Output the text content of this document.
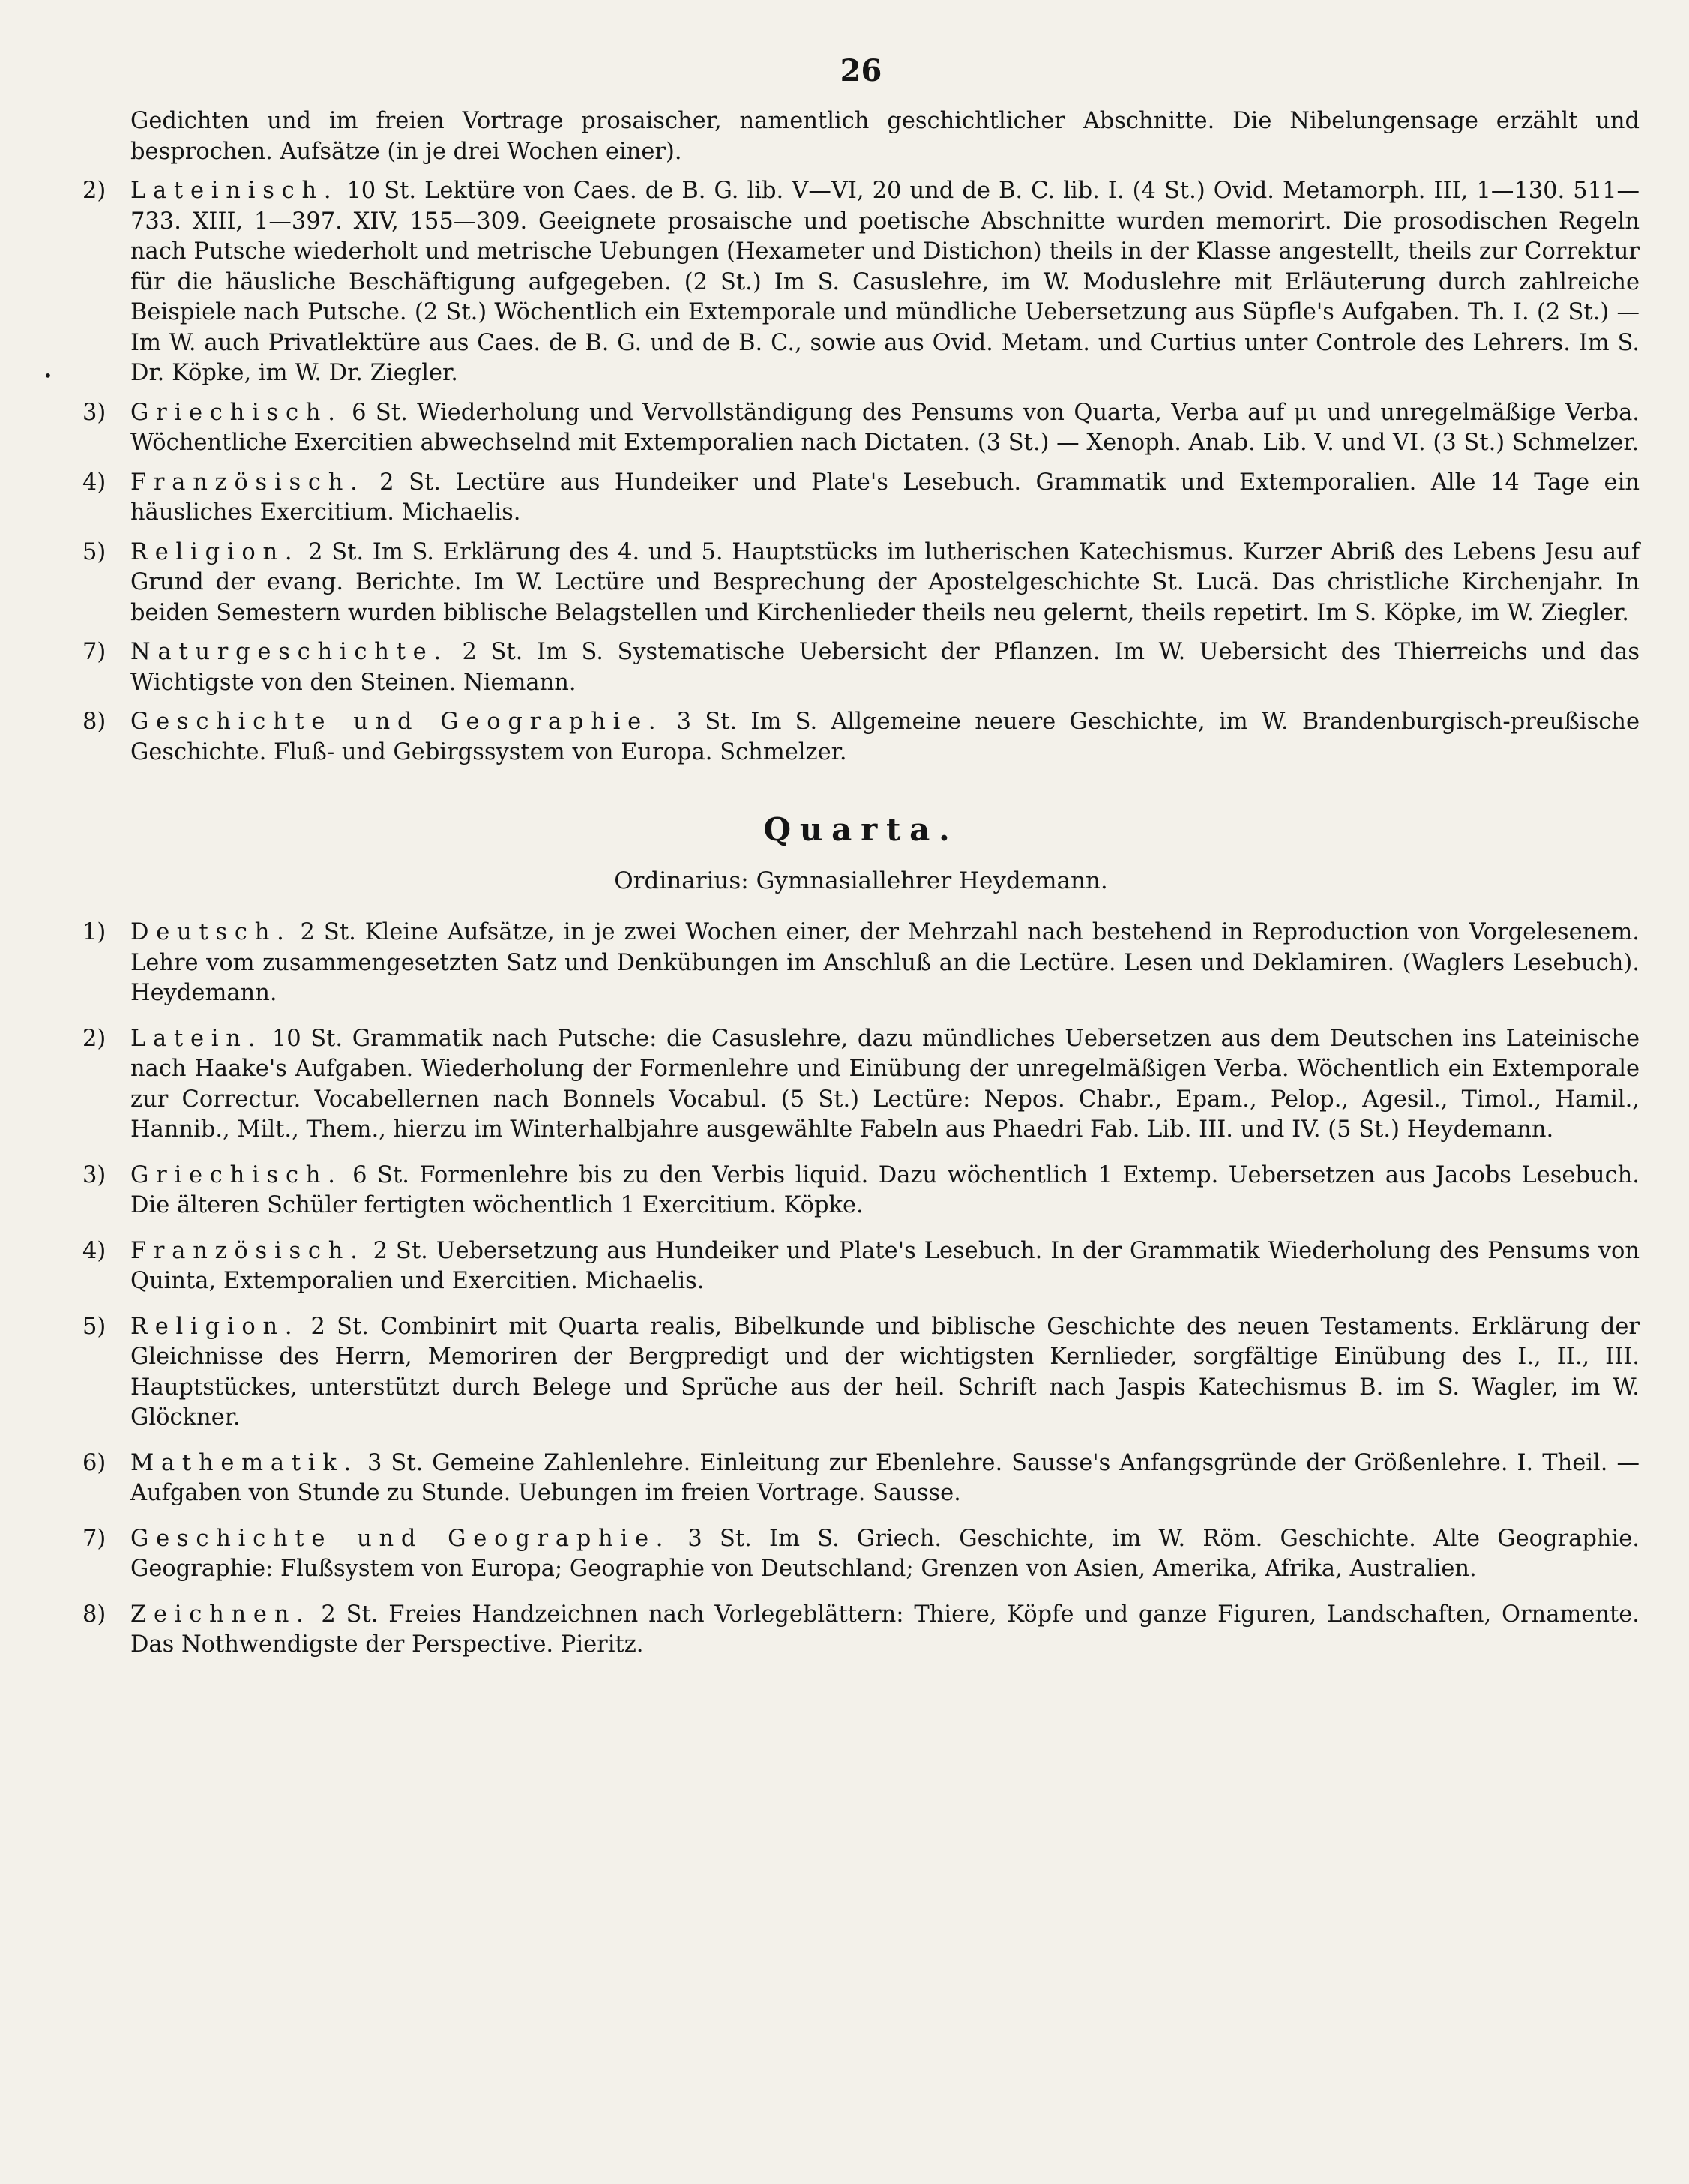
26
Gedichten und im freien Vortrage prosaischer, namentlich geschichtlicher Abschnitte. Die Nibelungensage erzählt und besprochen. Aufsätze (in je drei Wochen einer).
•
2)	Lateinisch. 10 St. Lektüre von Caes. de B. G. lib. V—VI, 20 und de B. C. lib. I. (4 St.) Ovid. Metamorph. III, 1—130. 511—733. XIII, 1—397. XIV, 155—309. Geeignete prosaische und poetische Abschnitte wurden memorirt. Die prosodischen Regeln nach Putsche wiederholt und metrische Uebungen (Hexameter und Distichon) theils in der Klasse angestellt, theils zur Correktur für die häusliche Beschäftigung aufgegeben. (2 St.) Im S. Casuslehre, im W. Moduslehre mit Erläuterung durch zahlreiche Beispiele nach Putsche. (2 St.) Wöchentlich ein Extemporale und mündliche Uebersetzung aus Süpfle's Aufgaben. Th. I. (2 St.) — Im W. auch Privatlektüre aus Caes. de B. G. und de B. C., sowie aus Ovid. Metam. und Curtius unter Controle des Lehrers. Im S. Dr. Köpke, im W. Dr. Ziegler.
3)	Griechisch. 6 St. Wiederholung und Vervollständigung des Pensums von Quarta, Verba auf μι und unregelmäßige Verba. Wöchentliche Exercitien abwechselnd mit Extemporalien nach Dictaten. (3 St.) — Xenoph. Anab. Lib. V. und VI. (3 St.) Schmelzer.
4)	Französisch. 2 St. Lectüre aus Hundeiker und Plate's Lesebuch. Grammatik und Extemporalien. Alle 14 Tage ein häusliches Exercitium. Michaelis.
5)	Religion. 2 St. Im S. Erklärung des 4. und 5. Hauptstücks im lutherischen Katechismus. Kurzer Abriß des Lebens Jesu auf Grund der evang. Berichte. Im W. Lectüre und Besprechung der Apostelgeschichte St. Lucä. Das christliche Kirchenjahr. In beiden Semestern wurden biblische Belagstellen und Kirchenlieder theils neu gelernt, theils repetirt. Im S. Köpke, im W. Ziegler.
7)	Naturgeschichte. 2 St. Im S. Systematische Uebersicht der Pflanzen. Im W. Uebersicht des Thierreichs und das Wichtigste von den Steinen. Niemann.
8)	Geschichte und Geographie. 3 St. Im S. Allgemeine neuere Geschichte, im W. Brandenburgisch-preußische Geschichte. Fluß- und Gebirgssystem von Europa. Schmelzer.
Quarta.
Ordinarius: Gymnasiallehrer Heydemann.
1)	Deutsch. 2 St. Kleine Aufsätze, in je zwei Wochen einer, der Mehrzahl nach bestehend in Reproduction von Vorgelesenem. Lehre vom zusammengesetzten Satz und Denkübungen im Anschluß an die Lectüre. Lesen und Deklamiren. (Waglers Lesebuch). Heydemann.
2)	Latein. 10 St. Grammatik nach Putsche: die Casuslehre, dazu mündliches Uebersetzen aus dem Deutschen ins Lateinische nach Haake's Aufgaben. Wiederholung der Formenlehre und Einübung der unregelmäßigen Verba. Wöchentlich ein Extemporale zur Correctur. Vocabellernen nach Bonnels Vocabul. (5 St.) Lectüre: Nepos. Chabr., Epam., Pelop., Agesil., Timol., Hamil., Hannib., Milt., Them., hierzu im Winterhalbjahre ausgewählte Fabeln aus Phaedri Fab. Lib. III. und IV. (5 St.) Heydemann.
3)	Griechisch. 6 St. Formenlehre bis zu den Verbis liquid. Dazu wöchentlich 1 Extemp. Uebersetzen aus Jacobs Lesebuch. Die älteren Schüler fertigten wöchentlich 1 Exercitium. Köpke.
4)	Französisch. 2 St. Uebersetzung aus Hundeiker und Plate's Lesebuch. In der Grammatik Wiederholung des Pensums von Quinta, Extemporalien und Exercitien. Michaelis.
5)	Religion. 2 St. Combinirt mit Quarta realis, Bibelkunde und biblische Geschichte des neuen Testaments. Erklärung der Gleichnisse des Herrn, Memoriren der Bergpredigt und der wichtigsten Kernlieder, sorgfältige Einübung des I., II., III. Hauptstückes, unterstützt durch Belege und Sprüche aus der heil. Schrift nach Jaspis Katechismus B. im S. Wagler, im W. Glöckner.
6)	Mathematik. 3 St. Gemeine Zahlenlehre. Einleitung zur Ebenlehre. Sausse's Anfangsgründe der Größenlehre. I. Theil. — Aufgaben von Stunde zu Stunde. Uebungen im freien Vortrage. Sausse.
7)	Geschichte und Geographie. 3 St. Im S. Griech. Geschichte, im W. Röm. Geschichte. Alte Geographie. Geographie: Flußsystem von Europa; Geographie von Deutschland; Grenzen von Asien, Amerika, Afrika, Australien.
8)	Zeichnen. 2 St. Freies Handzeichnen nach Vorlegeblättern: Thiere, Köpfe und ganze Figuren, Landschaften, Ornamente. Das Nothwendigste der Perspective. Pieritz.
